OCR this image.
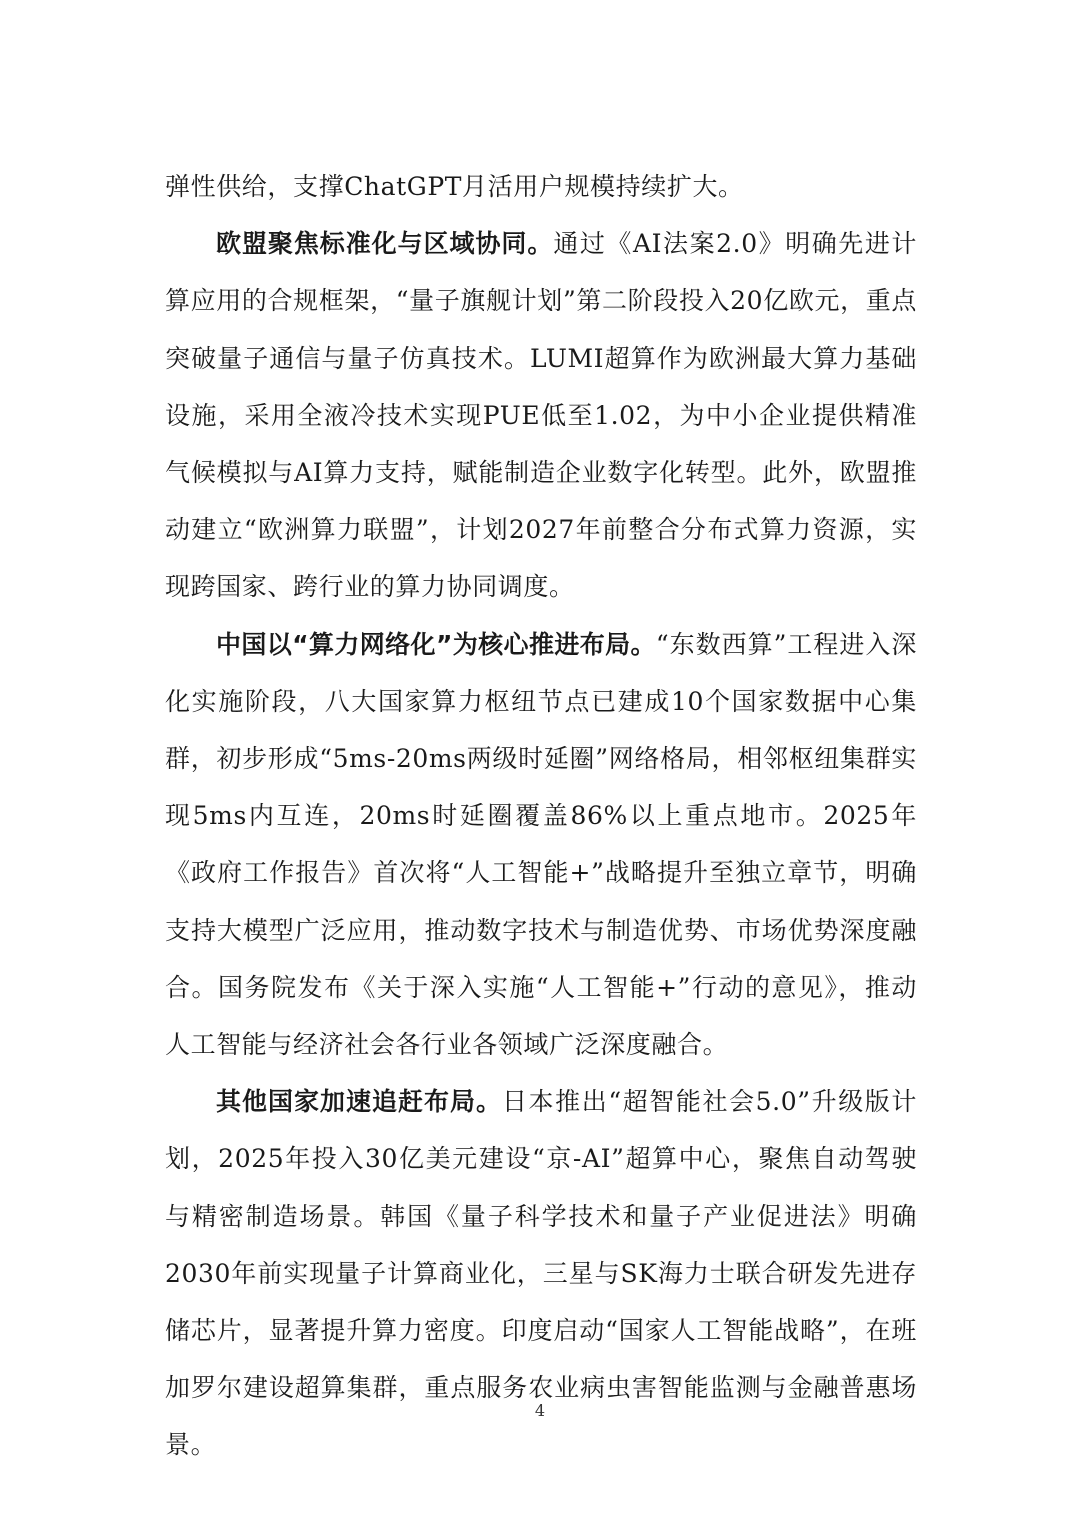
弹性供给，支撑ChatGPT月活用户规模持续扩大。

欧盟聚焦标准化与区域协同。通过《AI法案2.0》明确先进计算应用的合规框架，“量子旗舰计划”第二阶段投入20亿欧元，重点突破量子通信与量子仿真技术。LUMI超算作为欧洲最大算力基础设施，采用全液冷技术实现PUE低至1.02，为中小企业提供精准气候模拟与AI算力支持，赋能制造企业数字化转型。此外，欧盟推动建立“欧洲算力联盟”，计划2027年前整合分布式算力资源，实现跨国家、跨行业的算力协同调度。

中国以“算力网络化”为核心推进布局。“东数西算”工程进入深化实施阶段，八大国家算力枢纽节点已建成10个国家数据中心集群，初步形成“5ms-20ms两级时延圈”网络格局，相邻枢纽集群实现5ms内互连，20ms时延圈覆盖86%以上重点地市。2025年《政府工作报告》首次将“人工智能+”战略提升至独立章节，明确支持大模型广泛应用，推动数字技术与制造优势、市场优势深度融合。国务院发布《关于深入实施“人工智能+”行动的意见》，推动人工智能与经济社会各行业各领域广泛深度融合。

其他国家加速追赶布局。日本推出“超智能社会5.0”升级版计划，2025年投入30亿美元建设“京-AI”超算中心，聚焦自动驾驶与精密制造场景。韩国《量子科学技术和量子产业促进法》明确2030年前实现量子计算商业化，三星与SK海力士联合研发先进存储芯片，显著提升算力密度。印度启动“国家人工智能战略”，在班加罗尔建设超算集群，重点服务农业病虫害智能监测与金融普惠场景。

4
